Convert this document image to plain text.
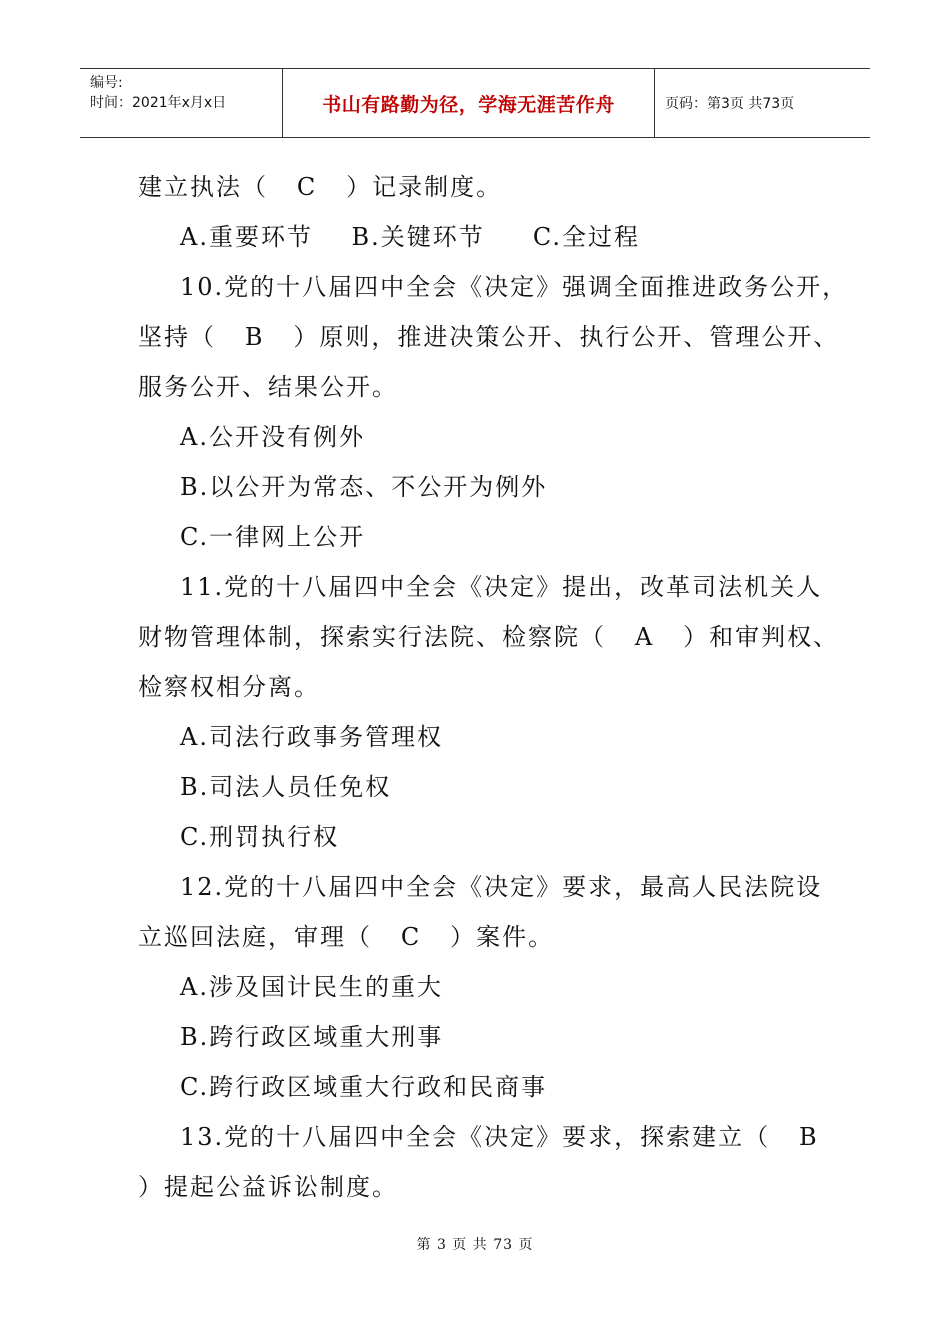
编号:
时间：2021年x月x日	书山有路勤为径，学海无涯苦作舟	页码：第3页 共73页
建立执法（   C   ）记录制度。
A.重要环节    B.关键环节     C.全过程
10.党的十八届四中全会《决定》强调全面推进政务公开，
坚持（   B   ）原则，推进决策公开、执行公开、管理公开、
服务公开、结果公开。
A.公开没有例外
B.以公开为常态、不公开为例外
C.一律网上公开
11.党的十八届四中全会《决定》提出，改革司法机关人
财物管理体制，探索实行法院、检察院（   A   ）和审判权、
检察权相分离。
A.司法行政事务管理权
B.司法人员任免权
C.刑罚执行权
12.党的十八届四中全会《决定》要求，最高人民法院设
立巡回法庭，审理（   C   ）案件。
A.涉及国计民生的重大
B.跨行政区域重大刑事
C.跨行政区域重大行政和民商事
13.党的十八届四中全会《决定》要求，探索建立（   B
）提起公益诉讼制度。
第 3 页 共 73 页
